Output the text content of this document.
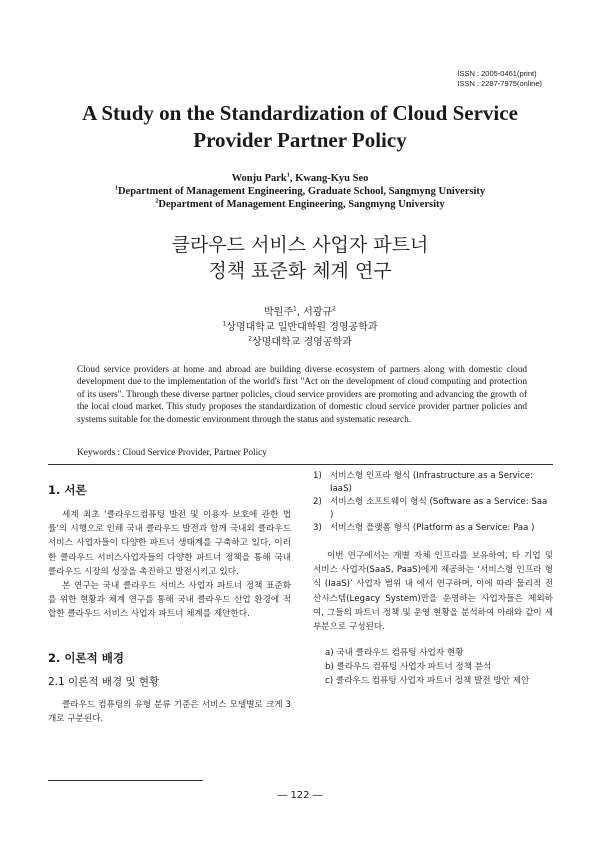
ISSN : 2005-0461(print)
ISSN : 2287-7975(online)
A Study on the Standardization of Cloud Service
Provider Partner Policy
Wonju Park$^1$, Kwang-Kyu Seo
$^1$Department of Management Engineering, Graduate School, Sangmyng University
$^2$Department of Management Engineering, Sangmyng University
클라우드 서비스 사업자 파트너
정책 표준화 체계 연구
박원주$^1$, 서광규$^2$
$^1$상명대학교 일반대학원 경영공학과
$^2$상명대학교 경영공학과
Cloud service providers at home and abroad are building diverse ecosystem of partners along with domestic cloud development due to the implementation of the world's first "Act on the development of cloud computing and protection of its users". Through these diverse partner policies, cloud service providers are promoting and advancing the growth of the local cloud market. This study proposes the standardization of domestic cloud service provider partner policies and systems suitable for the domestic environment through the status and systematic research.
Keywords : Cloud Service Provider, Partner Policy
1. 서론

세계 최초 ‘클라우드컴퓨팅 발전 및 이용자 보호에 관한 법률’의 시행으로 인해 국내 클라우드 발전과 함께 국내외 클라우드 서비스 사업자들이 다양한 파트너 생태계를 구축하고 있다. 이러한 클라우드 서비스사업자들의 다양한 파트너 정책을 통해 국내 클라우드 시장의 성장을 촉진하고 발전시키고 있다.

본 연구는 국내 클라우드 서비스 사업자 파트너 정책 표준화를 위한 현황과 체계 연구를 통해 국내 클라우드 산업 환경에 적합한 클라우드 서비스 사업자 파트너 체계를 제안한다.

2. 이론적 배경
2.1 이론적 배경 및 현황

클라우드 컴퓨팅의 유형 분류 기준은 서비스 모델별로 크게 3개로 구분된다.

1) 서비스형 인프라 형식 (Infrastructure as a Service: IaaS)
2) 서비스형 소프트웨이 형식 (Software as a Service: Saa )
3) 서비스형 플랫폼 형식 (Platform as a Service: Paa )

이번 연구에서는 개별 자체 인프라를 보유하여, 타 기업 및 서비스 사업자(SaaS, PaaS)에게 제공하는 ‘서비스형 인프라 형식 (IaaS)’ 사업자 범위 내 에서 연구하며, 이에 따라 물리적 전산시스템(Legacy System)만을 운영하는 사업자들은 제외하여, 그들의 파트너 정책 및 운영 현황을 분석하여 아래와 같이 세 부분으로 구성된다.

a) 국내 클라우드 컴퓨팅 사업자 현황
b) 클라우드 컴퓨팅 사업자 파트너 정책 분석
c) 클라우드 컴퓨팅 사업자 파트너 정책 발전 방안 제안
― 122 ―
